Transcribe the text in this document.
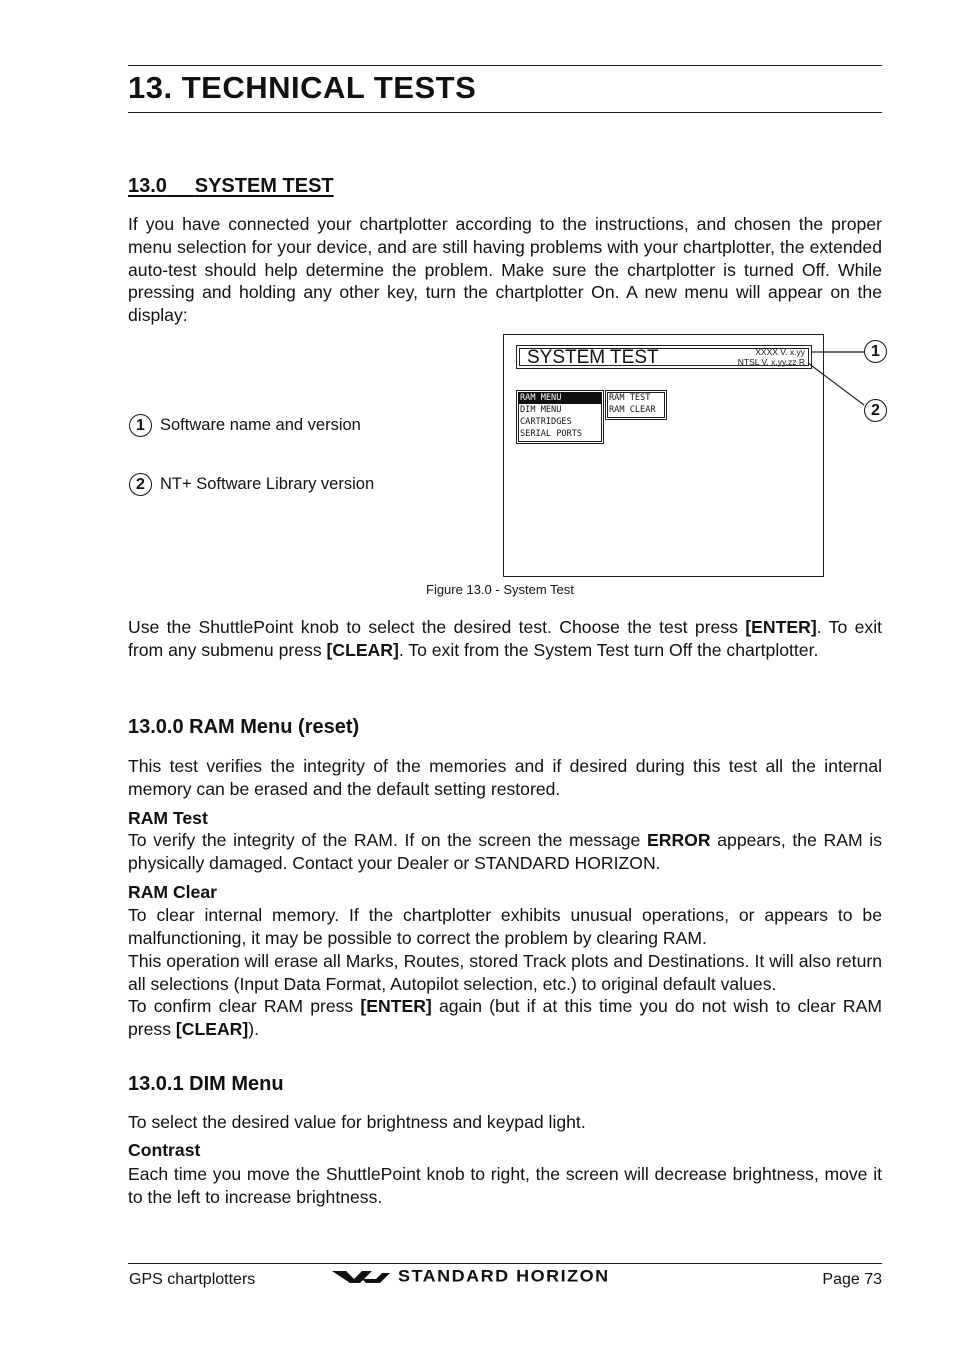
13. TECHNICAL TESTS
13.0 SYSTEM TEST

If you have connected your chartplotter according to the instructions, and chosen the proper menu selection for your device, and are still having problems with your chartplotter, the extended auto-test should help determine the problem. Make sure the chartplotter is turned Off. While pressing and holding any other key, turn the chartplotter On. A new menu will appear on the display:

1 Software name and version
2 NT+ Software Library version
SYSTEM TEST	XXXX V. x.yy
NTSL V. x.yy.zz R
RAM MENU
DIM MENU
CARTRIDGES
SERIAL PORTS
RAM TEST
RAM CLEAR
1
2
Figure 13.0 - System Test

Use the ShuttlePoint knob to select the desired test. Choose the test press [ENTER]. To exit from any submenu press [CLEAR]. To exit from the System Test turn Off the chartplotter.

13.0.0 RAM Menu (reset)

This test verifies the integrity of the memories and if desired during this test all the internal memory can be erased and the default setting restored.

RAM Test

To verify the integrity of the RAM. If on the screen the message ERROR appears, the RAM is physically damaged. Contact your Dealer or STANDARD HORIZON.

RAM Clear

To clear internal memory. If the chartplotter exhibits unusual operations, or appears to be malfunctioning, it may be possible to correct the problem by clearing RAM.

This operation will erase all Marks, Routes, stored Track plots and Destinations. It will also return all selections (Input Data Format, Autopilot selection, etc.) to original default values.

To confirm clear RAM press [ENTER] again (but if at this time you do not wish to clear RAM press [CLEAR]).

13.0.1 DIM Menu

To select the desired value for brightness and keypad light.

Contrast

Each time you move the ShuttlePoint knob to right, the screen will decrease brightness, move it to the left to increase brightness.

GPS chartplotters	STANDARD HORIZON	Page 73
